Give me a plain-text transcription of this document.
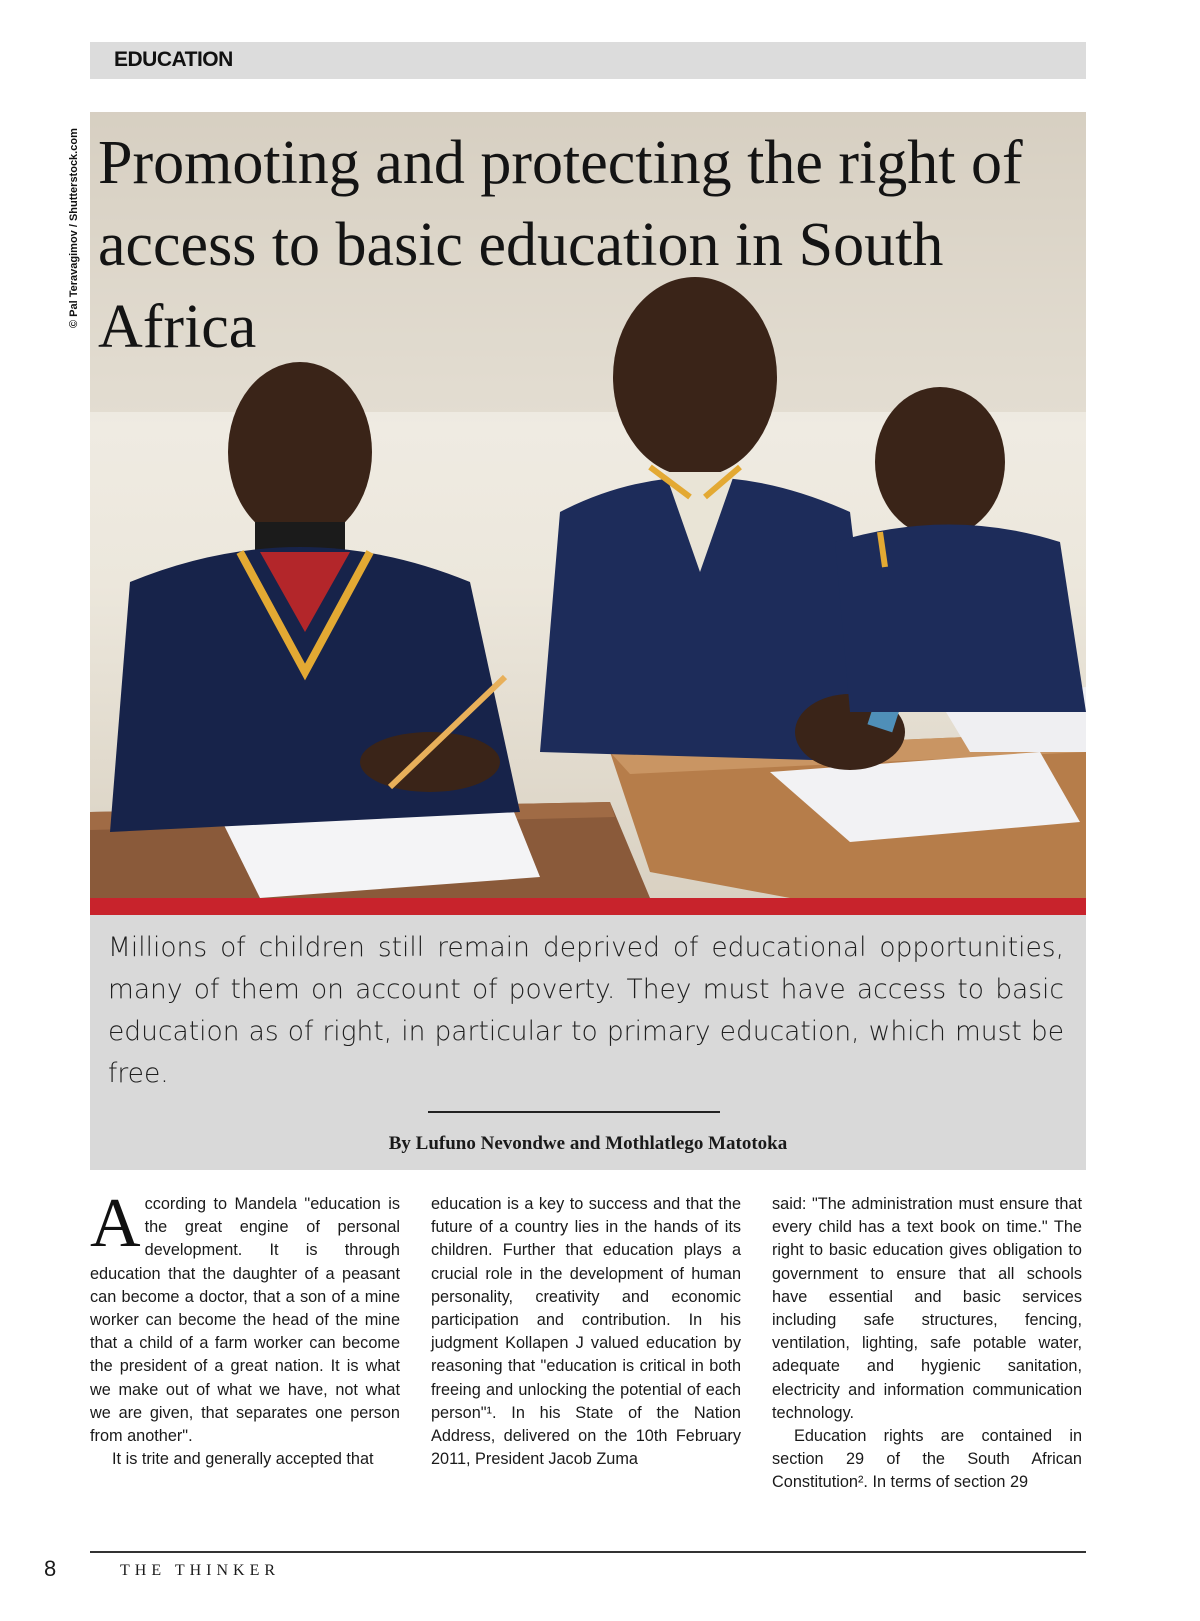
EDUCATION
© Pal Teravagimov / Shutterstock.com Promoting and protecting the right of access to basic education in South Africa

Millions of children still remain deprived of educational opportunities, many of them on account of poverty. They must have access to basic education as of right, in particular to primary education, which must be free.

By Lufuno Nevondwe and Mothlatlego Matotoka

A ccording to Mandela "education is the great engine of personal development. It is through education that the daughter of a peasant can become a doctor, that a son of a mine worker can become the head of the mine that a child of a farm worker can become the president of a great nation. It is what we make out of what we have, not what we are given, that separates one person from another".

It is trite and generally accepted that

education is a key to success and that the future of a country lies in the hands of its children. Further that education plays a crucial role in the development of human personality, creativity and economic participation and contribution. In his judgment Kollapen J valued education by reasoning that "education is critical in both freeing and unlocking the potential of each person"¹. In his State of the Nation Address, delivered on the 10th February 2011, President Jacob Zuma

said: "The administration must ensure that every child has a text book on time." The right to basic education gives obligation to government to ensure that all schools have essential and basic services including safe structures, fencing, ventilation, lighting, safe potable water, adequate and hygienic sanitation, electricity and information communication technology.

Education rights are contained in section 29 of the South African Constitution². In terms of section 29

8	THE THINKER
